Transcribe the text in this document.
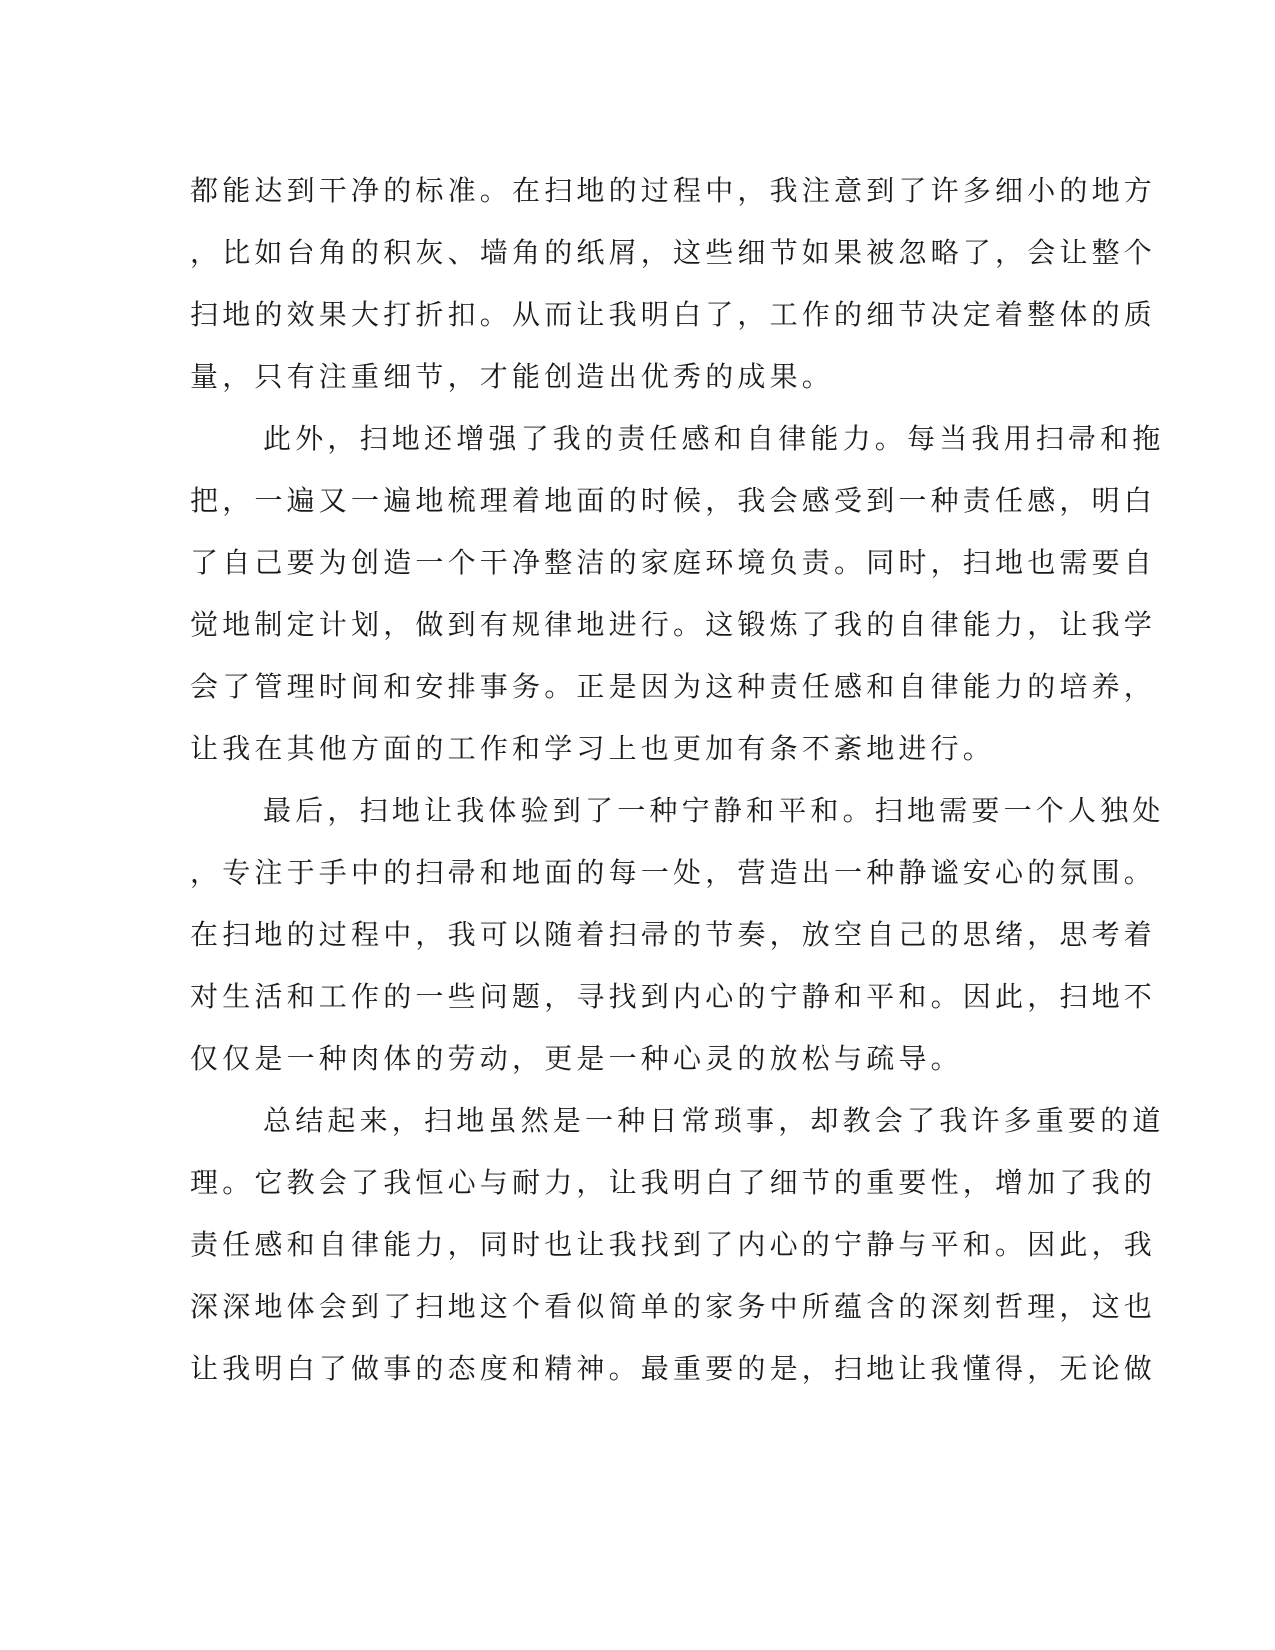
都能达到干净的标准。在扫地的过程中，我注意到了许多细小的地方
，比如台角的积灰、墙角的纸屑，这些细节如果被忽略了，会让整个
扫地的效果大打折扣。从而让我明白了，工作的细节决定着整体的质
量，只有注重细节，才能创造出优秀的成果。
此外，扫地还增强了我的责任感和自律能力。每当我用扫帚和拖
把，一遍又一遍地梳理着地面的时候，我会感受到一种责任感，明白
了自己要为创造一个干净整洁的家庭环境负责。同时，扫地也需要自
觉地制定计划，做到有规律地进行。这锻炼了我的自律能力，让我学
会了管理时间和安排事务。正是因为这种责任感和自律能力的培养，
让我在其他方面的工作和学习上也更加有条不紊地进行。
最后，扫地让我体验到了一种宁静和平和。扫地需要一个人独处
，专注于手中的扫帚和地面的每一处，营造出一种静谧安心的氛围。
在扫地的过程中，我可以随着扫帚的节奏，放空自己的思绪，思考着
对生活和工作的一些问题，寻找到内心的宁静和平和。因此，扫地不
仅仅是一种肉体的劳动，更是一种心灵的放松与疏导。
总结起来，扫地虽然是一种日常琐事，却教会了我许多重要的道
理。它教会了我恒心与耐力，让我明白了细节的重要性，增加了我的
责任感和自律能力，同时也让我找到了内心的宁静与平和。因此，我
深深地体会到了扫地这个看似简单的家务中所蕴含的深刻哲理，这也
让我明白了做事的态度和精神。最重要的是，扫地让我懂得，无论做
